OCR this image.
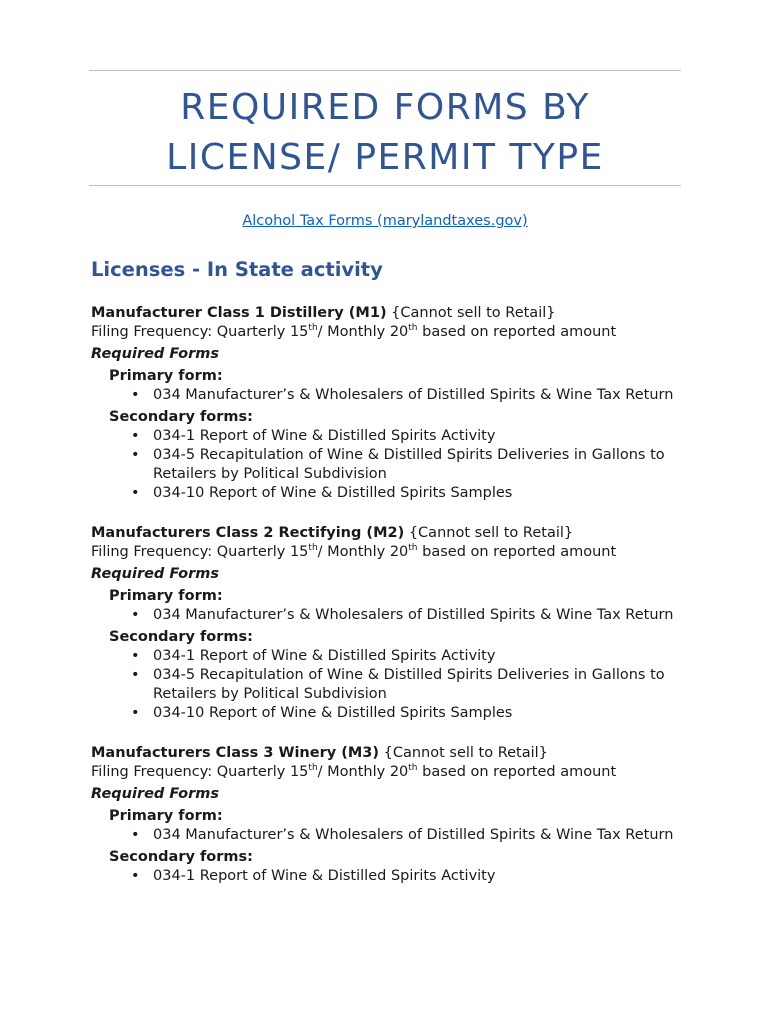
REQUIRED FORMS BY
LICENSE/ PERMIT TYPE
Alcohol Tax Forms (marylandtaxes.gov)
Licenses - In State activity
Manufacturer Class 1 Distillery (M1) {Cannot sell to Retail}
Filing Frequency: Quarterly 15th/ Monthly 20th based on reported amount
Required Forms
Primary form:
• 034 Manufacturer’s & Wholesalers of Distilled Spirits & Wine Tax Return
Secondary forms:
• 034-1 Report of Wine & Distilled Spirits Activity
• 034-5 Recapitulation of Wine & Distilled Spirits Deliveries in Gallons to Retailers by Political Subdivision
• 034-10 Report of Wine & Distilled Spirits Samples
Manufacturers Class 2 Rectifying (M2) {Cannot sell to Retail}
Filing Frequency: Quarterly 15th/ Monthly 20th based on reported amount
Required Forms
Primary form:
• 034 Manufacturer’s & Wholesalers of Distilled Spirits & Wine Tax Return
Secondary forms:
• 034-1 Report of Wine & Distilled Spirits Activity
• 034-5 Recapitulation of Wine & Distilled Spirits Deliveries in Gallons to Retailers by Political Subdivision
• 034-10 Report of Wine & Distilled Spirits Samples
Manufacturers Class 3 Winery (M3) {Cannot sell to Retail}
Filing Frequency: Quarterly 15th/ Monthly 20th based on reported amount
Required Forms
Primary form:
• 034 Manufacturer’s & Wholesalers of Distilled Spirits & Wine Tax Return
Secondary forms:
• 034-1 Report of Wine & Distilled Spirits Activity
